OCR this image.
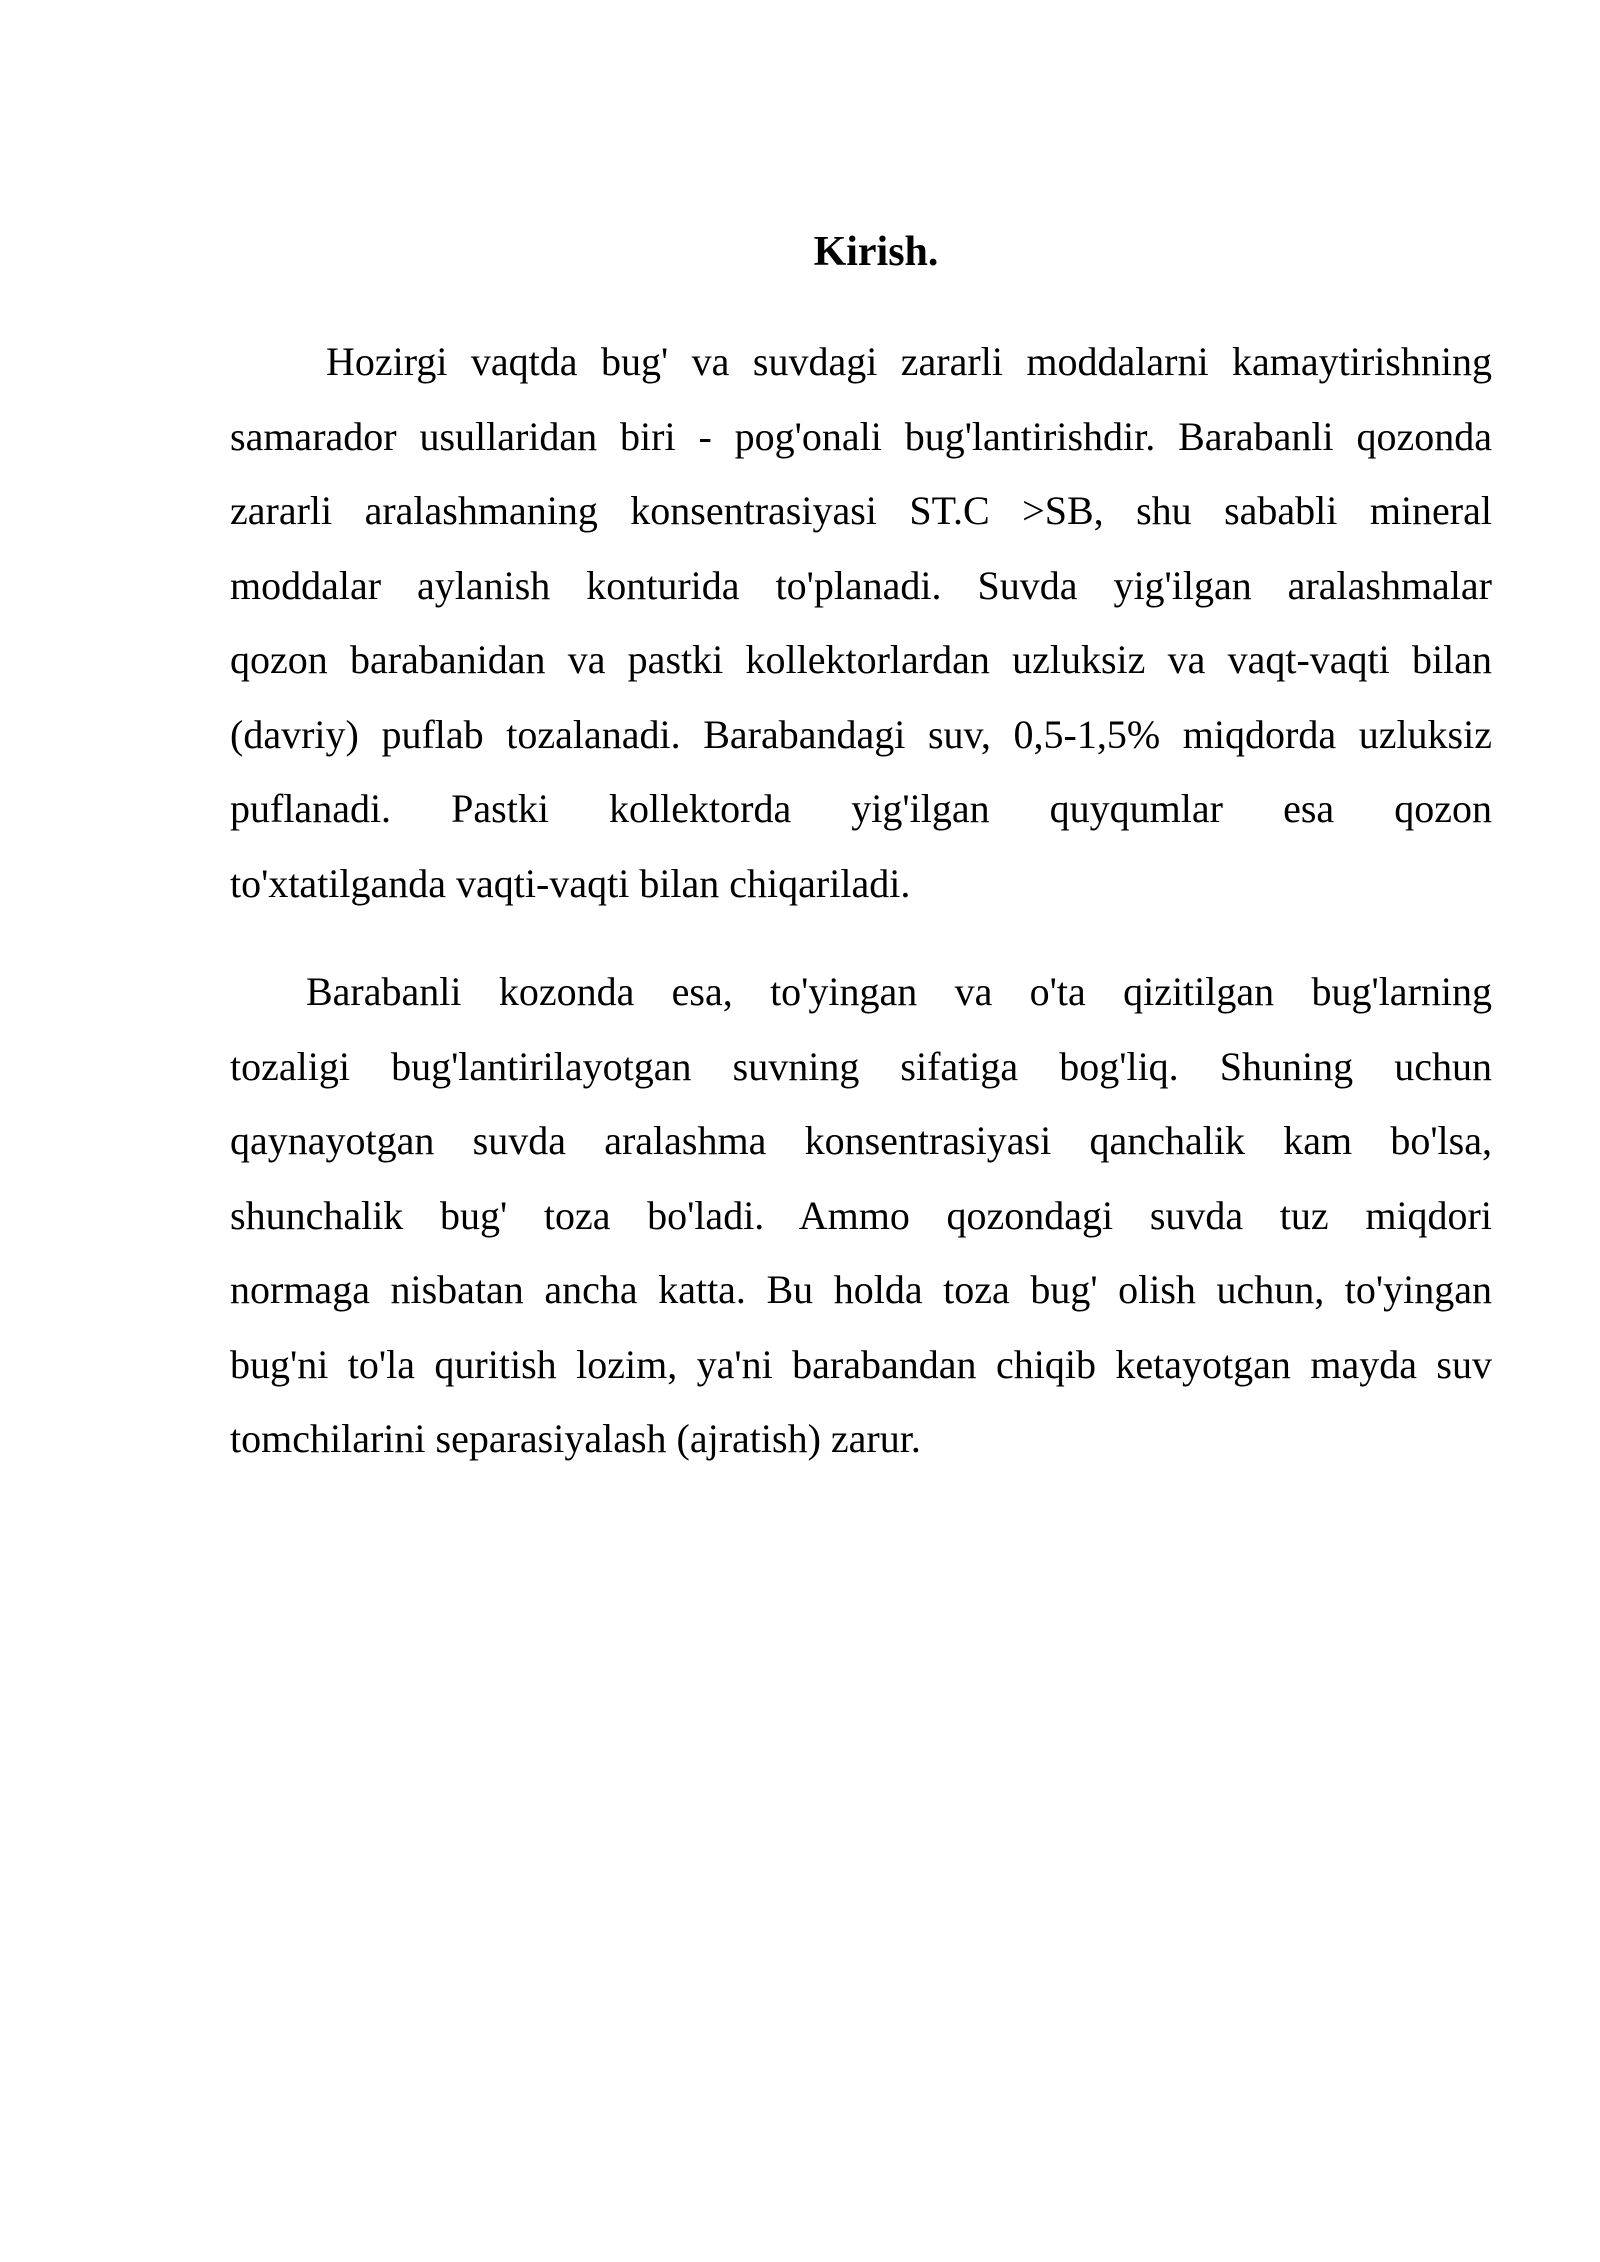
Kirish.

Hozirgi vaqtda bug' va suvdagi zararli moddalarni kamaytirishning
samarador usullaridan biri - pog'onali bug'lantirishdir. Barabanli qozonda
zararli aralashmaning konsentrasiyasi ST.C >SB, shu sababli mineral
moddalar aylanish konturida to'planadi. Suvda yig'ilgan aralashmalar
qozon barabanidan va pastki kollektorlardan uzluksiz va vaqt-vaqti bilan
(davriy) puflab tozalanadi. Barabandagi suv, 0,5-1,5% miqdorda uzluksiz
puflanadi. Pastki kollektorda yig'ilgan quyqumlar esa qozon
to'xtatilganda vaqti-vaqti bilan chiqariladi.

Barabanli kozonda esa, to'yingan va o'ta qizitilgan bug'larning
tozaligi bug'lantirilayotgan suvning sifatiga bog'liq. Shuning uchun
qaynayotgan suvda aralashma konsentrasiyasi qanchalik kam bo'lsa,
shunchalik bug' toza bo'ladi. Ammo qozondagi suvda tuz miqdori
normaga nisbatan ancha katta. Bu holda toza bug' olish uchun, to'yingan
bug'ni to'la quritish lozim, ya'ni barabandan chiqib ketayotgan mayda suv
tomchilarini separasiyalash (ajratish) zarur.
